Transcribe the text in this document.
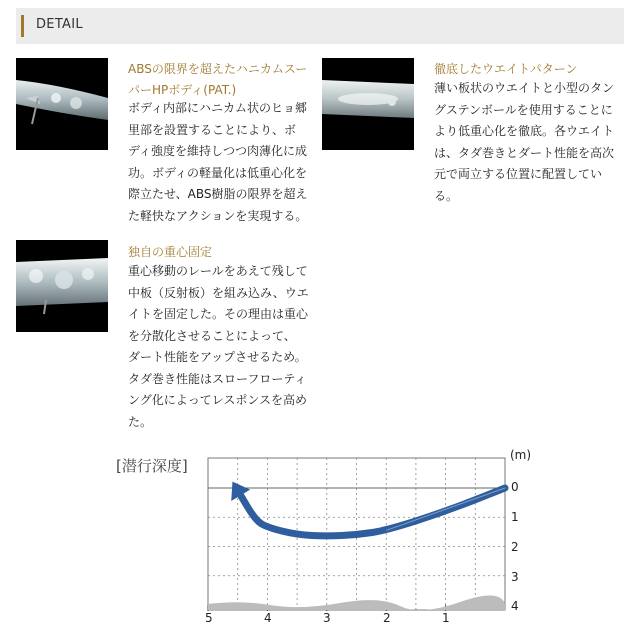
DETAIL
ABSの限界を超えたハニカムスー
パーHPボディ(PAT.)
ボディ内部にハニカム状のヒョ郷
里部を設置することにより、ボ
ディ強度を維持しつつ肉薄化に成
功。ボディの軽量化は低重心化を
際立たせ、ABS樹脂の限界を超え
た軽快なアクションを実現する。
徹底したウエイトパターン
薄い板状のウエイトと小型のタン
グステンボールを使用することに
より低重心化を徹底。各ウエイト
は、タダ巻きとダート性能を高次
元で両立する位置に配置してい
る。
独自の重心固定
重心移動のレールをあえて残して
中板（反射板）を組み込み、ウエ
イトを固定した。その理由は重心
を分散化させることによって、
ダート性能をアップさせるため。
タダ巻き性能はスローフローティ
ング化によってレスポンスを高め
た。
[潜行深度]
(m)
0
1
2
3
4
5	4	3	2	1
